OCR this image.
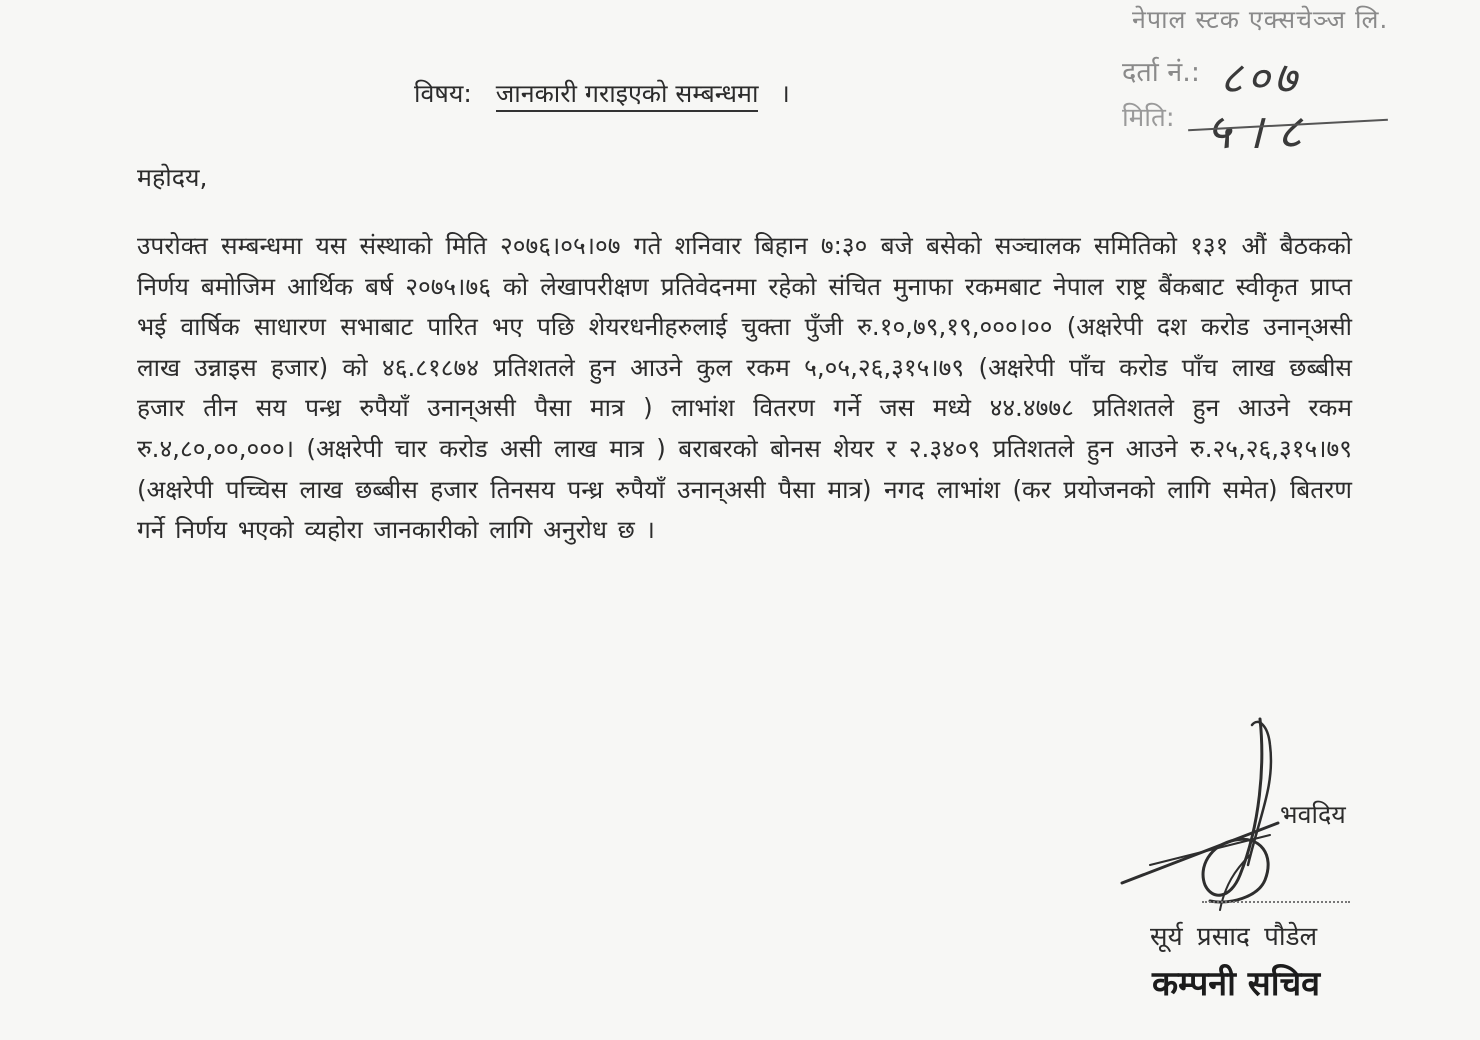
नेपाल स्टक एक्सचेञ्ज लि.
दर्ता नं.: ८०७
मिति: ५।८
विषय: जानकारी गराइएको सम्बन्धमा ।
महोदय,
उपरोक्त सम्बन्धमा यस संस्थाको मिति २०७६।०५।०७ गते शनिवार बिहान ७:३० बजे बसेको सञ्चालक समितिको १३१ औं बैठकको निर्णय बमोजिम आर्थिक बर्ष २०७५।७६ को लेखापरीक्षण प्रतिवेदनमा रहेको संचित मुनाफा रकमबाट नेपाल राष्ट्र बैंकबाट स्वीकृत प्राप्त भई वार्षिक साधारण सभाबाट पारित भए पछि शेयरधनीहरुलाई चुक्ता पुँजी रु.१०,७९,१९,०००।०० (अक्षरेपी दश करोड उनान्असी लाख उन्नाइस हजार) को ४६.८१८७४ प्रतिशतले हुन आउने कुल रकम ५,०५,२६,३१५।७९ (अक्षरेपी पाँच करोड पाँच लाख छब्बीस हजार तीन सय पन्ध्र रुपैयाँ उनान्असी पैसा मात्र ) लाभांश वितरण गर्ने जस मध्ये ४४.४७७८ प्रतिशतले हुन आउने रकम रु.४,८०,००,०००। (अक्षरेपी चार करोड असी लाख मात्र ) बराबरको बोनस शेयर र २.३४०९ प्रतिशतले हुन आउने रु.२५,२६,३१५।७९ (अक्षरेपी पच्चिस लाख छब्बीस हजार तिनसय पन्ध्र रुपैयाँ उनान्असी पैसा मात्र) नगद लाभांश (कर प्रयोजनको लागि समेत) बितरण गर्ने निर्णय भएको व्यहोरा जानकारीको लागि अनुरोध छ ।
भवदिय
सूर्य प्रसाद पौडेल
कम्पनी सचिव
